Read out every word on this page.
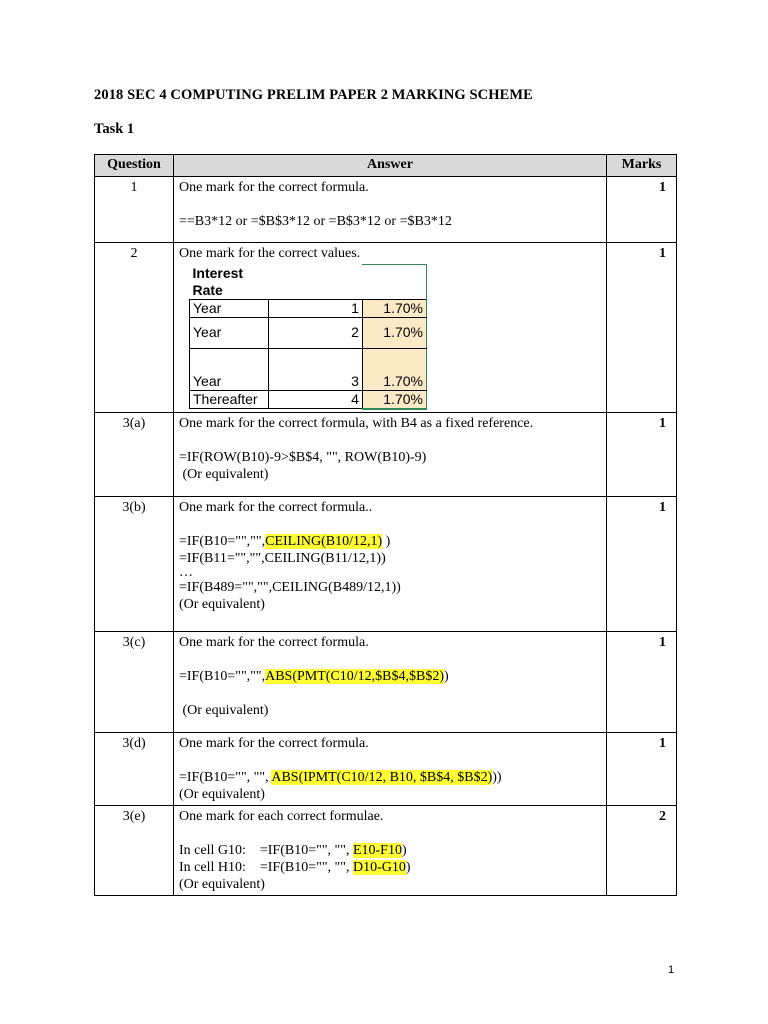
2018 SEC 4 COMPUTING PRELIM PAPER 2 MARKING SCHEME
Task 1
Question	Answer	Marks
1	One mark for the correct formula.
==B3*12 or =$B$3*12 or =B$3*12 or =$B3*12
	1
2	One mark for the correct values.
Interest Rate		
Year	1	1.70%
Year	2	1.70%
Year	3	1.70%
Thereafter	4	1.70%
	1
3(a)	One mark for the correct formula, with B4 as a fixed reference.
=IF(ROW(B10)-9>$B$4, "", ROW(B10)-9)
(Or equivalent)
	1
3(b)	One mark for the correct formula..
=IF(B10="","",CEILING(B10/12,1) )
=IF(B11="","",CEILING(B11/12,1))
…
=IF(B489="","",CEILING(B489/12,1))
(Or equivalent)
	1
3(c)	One mark for the correct formula.
=IF(B10="","",ABS(PMT(C10/12,$B$4,$B$2))
(Or equivalent)
	1
3(d)	One mark for the correct formula.
=IF(B10="", "", ABS(IPMT(C10/12, B10, $B$4, $B$2)))
(Or equivalent)
	1
3(e)	One mark for each correct formulae.
In cell G10:    =IF(B10="", "", E10-F10)
In cell H10:    =IF(B10="", "", D10-G10)
(Or equivalent)
	2
1
